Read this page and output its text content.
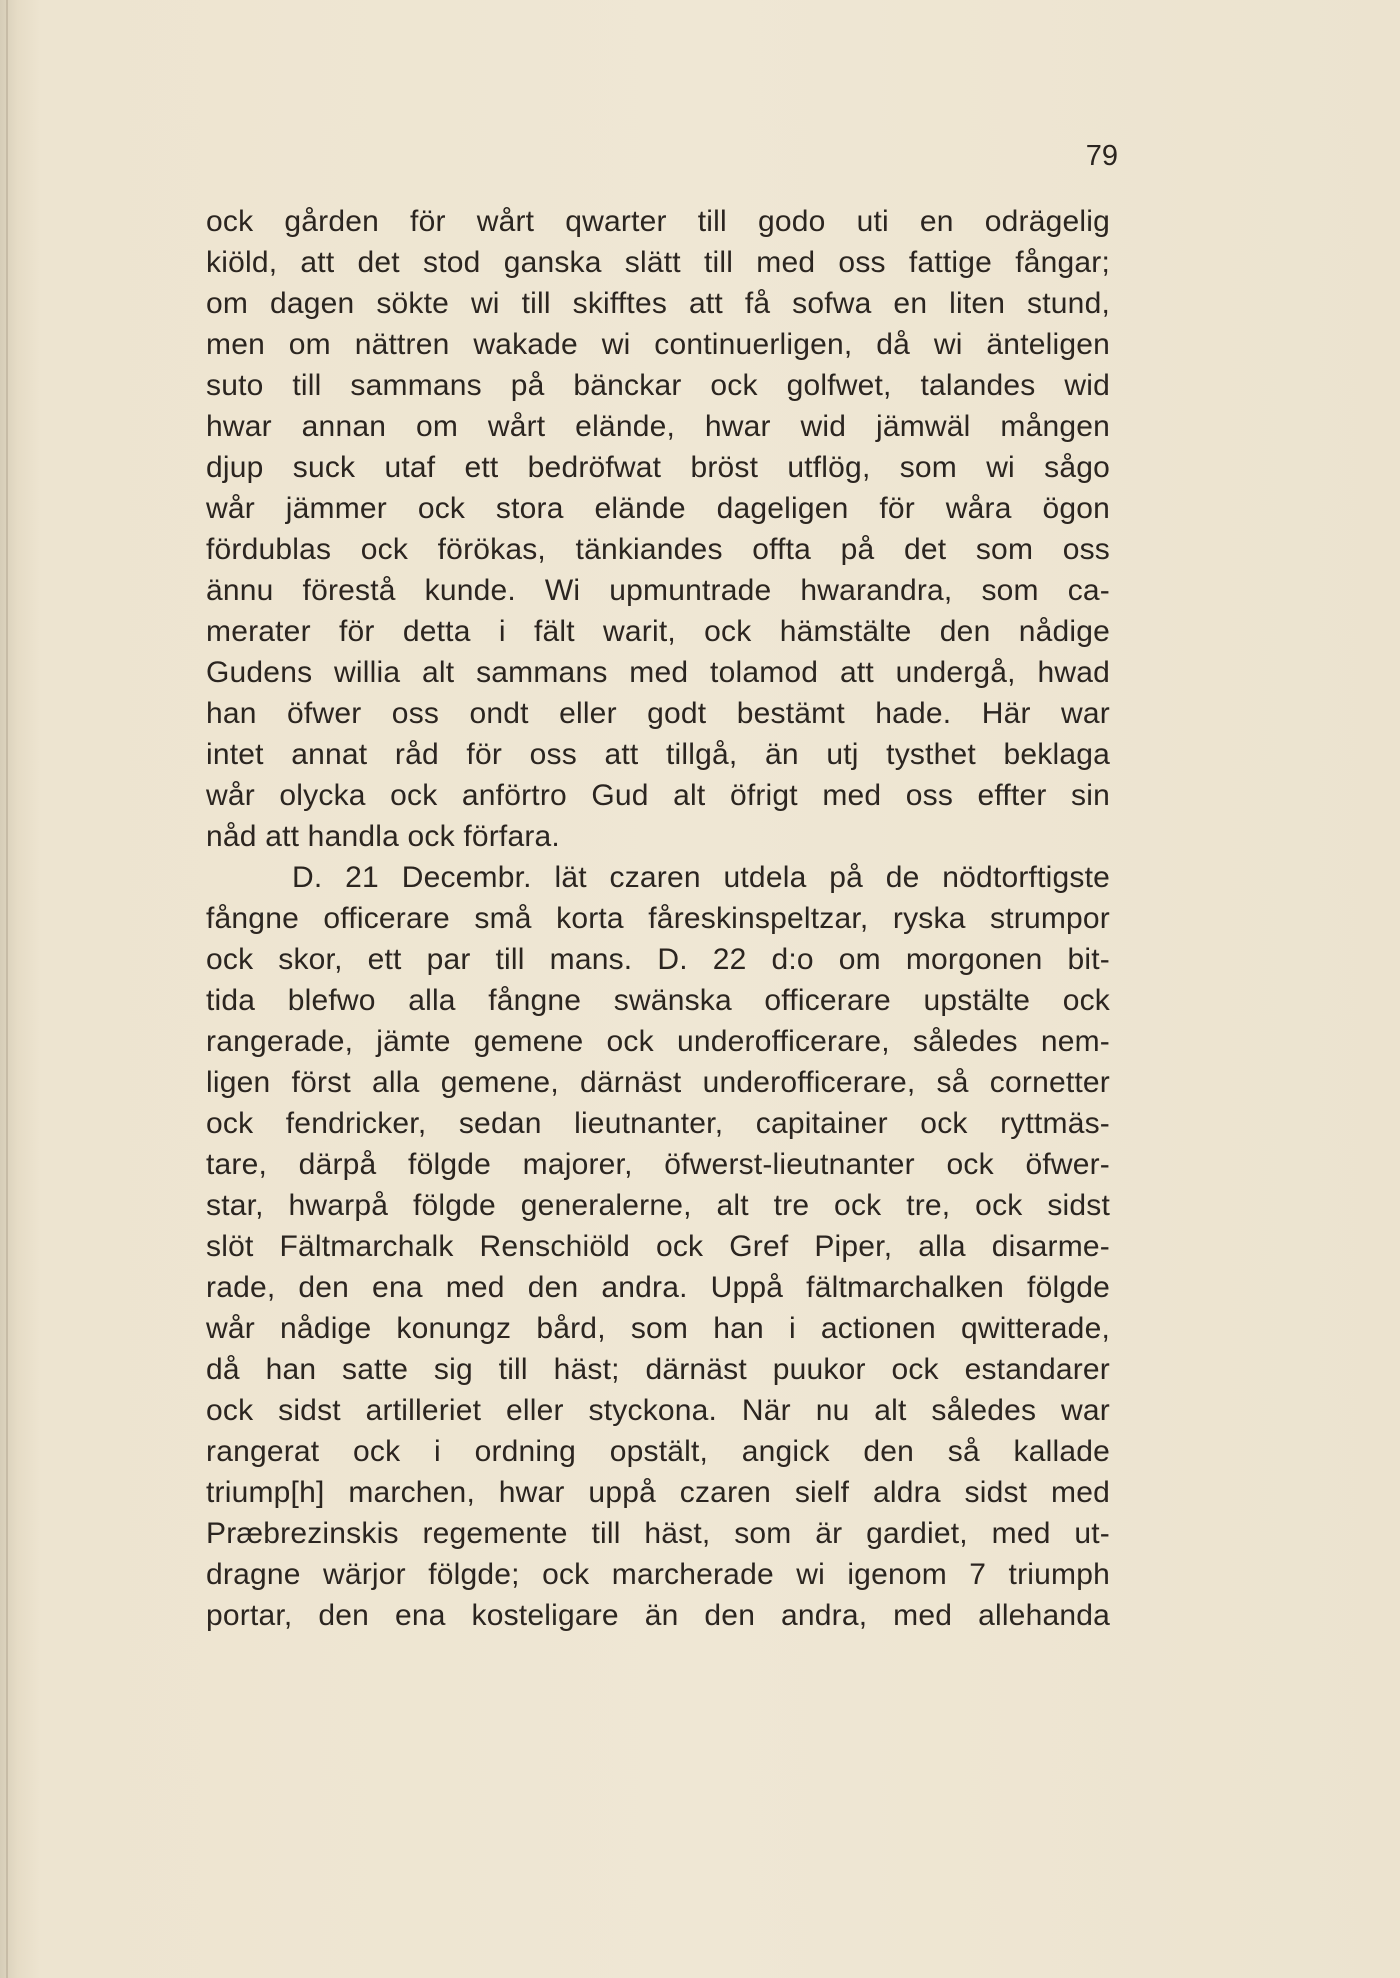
79
ock gården för wårt qwarter till godo uti en odrägelig
kiöld, att det stod ganska slätt till med oss fattige fångar;
om dagen sökte wi till skifftes att få sofwa en liten stund,
men om nättren wakade wi continuerligen, då wi änteligen
suto till sammans på bänckar ock golfwet, talandes wid
hwar annan om wårt elände, hwar wid jämwäl mången
djup suck utaf ett bedröfwat bröst utflög, som wi sågo
wår jämmer ock stora elände dageligen för wåra ögon
fördublas ock förökas, tänkiandes offta på det som oss
ännu förestå kunde. Wi upmuntrade hwarandra, som ca-
merater för detta i fält warit, ock hämstälte den nådige
Gudens willia alt sammans med tolamod att undergå, hwad
han öfwer oss ondt eller godt bestämt hade. Här war
intet annat råd för oss att tillgå, än utj tysthet beklaga
wår olycka ock anförtro Gud alt öfrigt med oss effter sin
nåd att handla ock förfara.
D. 21 Decembr. lät czaren utdela på de nödtorftigste
fångne officerare små korta fåreskinspeltzar, ryska strumpor
ock skor, ett par till mans. D. 22 d:o om morgonen bit-
tida blefwo alla fångne swänska officerare upstälte ock
rangerade, jämte gemene ock underofficerare, således nem-
ligen först alla gemene, därnäst underofficerare, så cornetter
ock fendricker, sedan lieutnanter, capitainer ock ryttmäs-
tare, därpå fölgde majorer, öfwerst-lieutnanter ock öfwer-
star, hwarpå fölgde generalerne, alt tre ock tre, ock sidst
slöt Fältmarchalk Renschiöld ock Gref Piper, alla disarme-
rade, den ena med den andra. Uppå fältmarchalken fölgde
wår nådige konungz bård, som han i actionen qwitterade,
då han satte sig till häst; därnäst puukor ock estandarer
ock sidst artilleriet eller styckona. När nu alt således war
rangerat ock i ordning opstält, angick den så kallade
triump[h] marchen, hwar uppå czaren sielf aldra sidst med
Præbrezinskis regemente till häst, som är gardiet, med ut-
dragne wärjor fölgde; ock marcherade wi igenom 7 triumph
portar, den ena kosteligare än den andra, med allehanda
